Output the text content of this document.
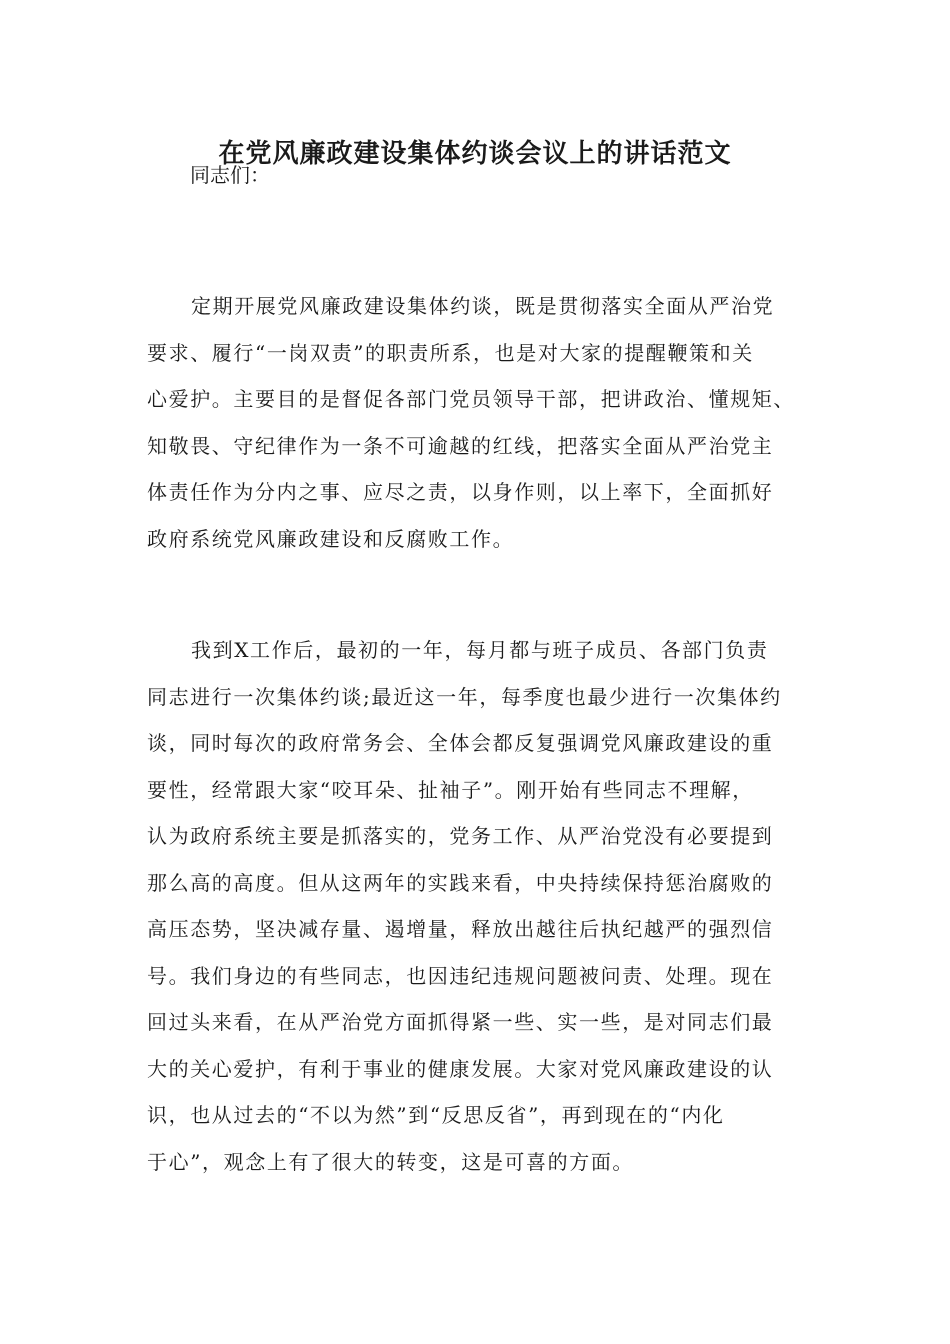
在党风廉政建设集体约谈会议上的讲话范文

同志们：

定期开展党风廉政建设集体约谈，既是贯彻落实全面从严治党
要求、履行“一岗双责”的职责所系，也是对大家的提醒鞭策和关
心爱护。主要目的是督促各部门党员领导干部，把讲政治、懂规矩、
知敬畏、守纪律作为一条不可逾越的红线，把落实全面从严治党主
体责任作为分内之事、应尽之责，以身作则，以上率下，全面抓好
政府系统党风廉政建设和反腐败工作。
我到X工作后，最初的一年，每月都与班子成员、各部门负责
同志进行一次集体约谈;最近这一年，每季度也最少进行一次集体约
谈，同时每次的政府常务会、全体会都反复强调党风廉政建设的重
要性，经常跟大家“咬耳朵、扯袖子”。刚开始有些同志不理解，
认为政府系统主要是抓落实的，党务工作、从严治党没有必要提到
那么高的高度。但从这两年的实践来看，中央持续保持惩治腐败的
高压态势，坚决减存量、遏增量，释放出越往后执纪越严的强烈信
号。我们身边的有些同志，也因违纪违规问题被问责、处理。现在
回过头来看，在从严治党方面抓得紧一些、实一些，是对同志们最
大的关心爱护，有利于事业的健康发展。大家对党风廉政建设的认
识，也从过去的“不以为然”到“反思反省”，再到现在的“内化
于心”，观念上有了很大的转变，这是可喜的方面。
